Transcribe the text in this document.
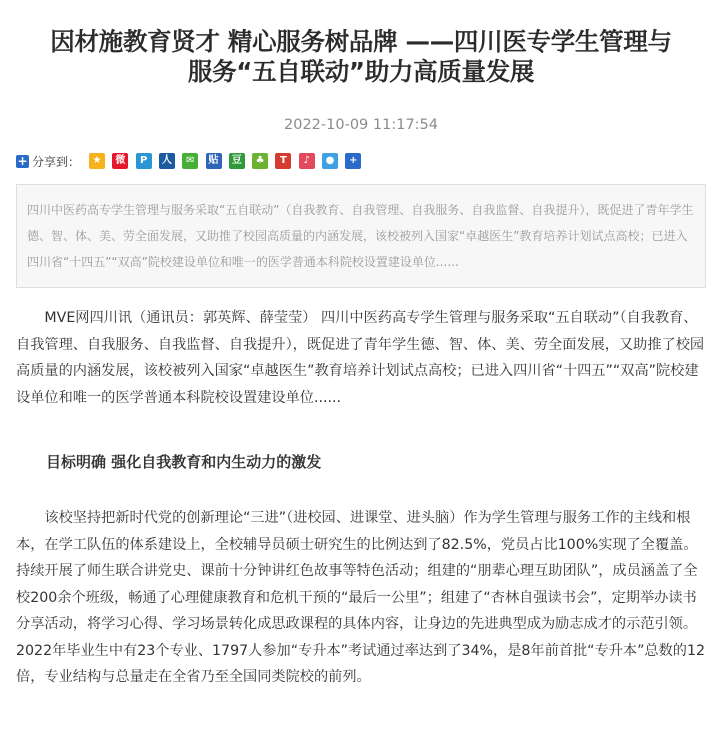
因材施教育贤才 精心服务树品牌 ——四川医专学生管理与
服务“五自联动”助力高质量发展
2022-10-09 11:17:54
+ 分享到：	★	微	P	人	✉	贴	豆	♣	T	♪	●	+

四川中医药高专学生管理与服务采取“五自联动”（自我教育、自我管理、自我服务、自我监督、自我提升），既促进了青年学生德、智、体、美、劳全面发展，又助推了校园高质量的内涵发展，该校被列入国家“卓越医生”教育培养计划试点高校；已进入四川省“十四五”“双高”院校建设单位和唯一的医学普通本科院校设置建设单位......

MVE网四川讯（通讯员：郭英辉、薛莹莹） 四川中医药高专学生管理与服务采取“五自联动”（自我教育、自我管理、自我服务、自我监督、自我提升），既促进了青年学生德、智、体、美、劳全面发展，又助推了校园高质量的内涵发展，该校被列入国家“卓越医生”教育培养计划试点高校；已进入四川省“十四五”“双高”院校建设单位和唯一的医学普通本科院校设置建设单位......

目标明确 强化自我教育和内生动力的激发

该校坚持把新时代党的创新理论“三进”（进校园、进课堂、进头脑）作为学生管理与服务工作的主线和根本，在学工队伍的体系建设上，全校辅导员硕士研究生的比例达到了82.5%，党员占比100%实现了全覆盖。持续开展了师生联合讲党史、课前十分钟讲红色故事等特色活动；组建的“朋辈心理互助团队”，成员涵盖了全校200余个班级，畅通了心理健康教育和危机干预的“最后一公里”；组建了“杏林自强读书会”，定期举办读书分享活动，将学习心得、学习场景转化成思政课程的具体内容，让身边的先进典型成为励志成才的示范引领。2022年毕业生中有23个专业、1797人参加“专升本”考试通过率达到了34%，是8年前首批“专升本”总数的12倍，专业结构与总量走在全省乃至全国同类院校的前列。
